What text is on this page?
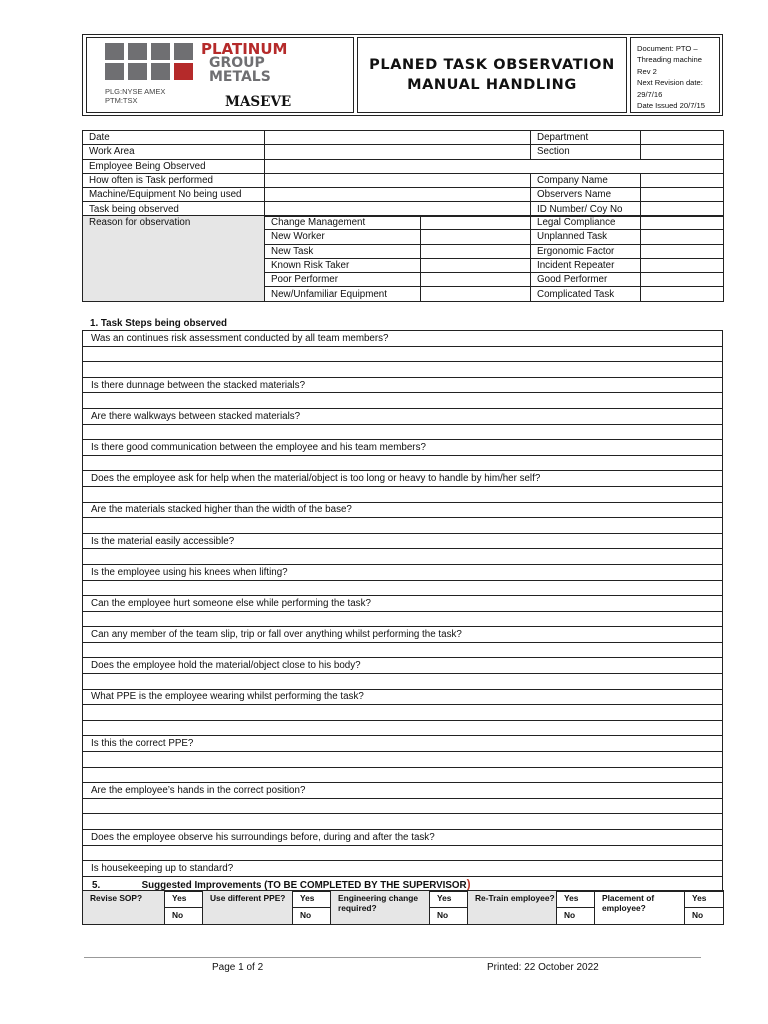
PLATINUM
GROUP
METALS
PLG:NYSE AMEX
PTM:TSX	MASEVE
PLANED TASK OBSERVATION
MANUAL HANDLING
Document: PTO –
Threading machine
Rev 2
Next Revision date:
29/7/16
Date Issued 20/7/15
Date		Department	
Work Area		Section	
Employee Being Observed			
How often is Task performed		Company Name	
Machine/Equipment No being used		Observers Name	
Task being observed		ID Number/ Coy No	
Reason for observation	Change Management		Legal Compliance	
	New Worker		Unplanned Task	
	New Task		Ergonomic Factor	
	Known Risk Taker		Incident Repeater	
	Poor Performer		Good Performer	
	New/Unfamiliar Equipment		Complicated Task	
1. Task Steps being observed
Was an continues risk assessment conducted by all team members?

Is there dunnage between the stacked materials?

Are there walkways between stacked materials?

Is there good communication between the employee and his team members?

Does the employee ask for help when the material/object is too long or heavy to handle by him/her self?

Are the materials stacked higher than the width of the base?

Is the material easily accessible?

Is the employee using his knees when lifting?

Can the employee hurt someone else while performing the task?

Can any member of the team slip, trip or fall over anything whilst performing the task?

Does the employee hold the material/object close to his body?

What PPE is the employee wearing whilst performing the task?

Is this the correct PPE?

Are the employee’s hands in the correct position?

Does the employee observe his surroundings before, during and after the task?

Is housekeeping up to standard?

5.	Suggested Improvements (TO BE COMPLETED BY THE SUPERVISOR)
Revise SOP?	Yes	Use different PPE?	Yes	Engineering change required?	Yes	Re-Train employee?	Yes	Placement of employee?	Yes
	No		No		No		No		No
Page 1 of 2	Printed: 22 October 2022
